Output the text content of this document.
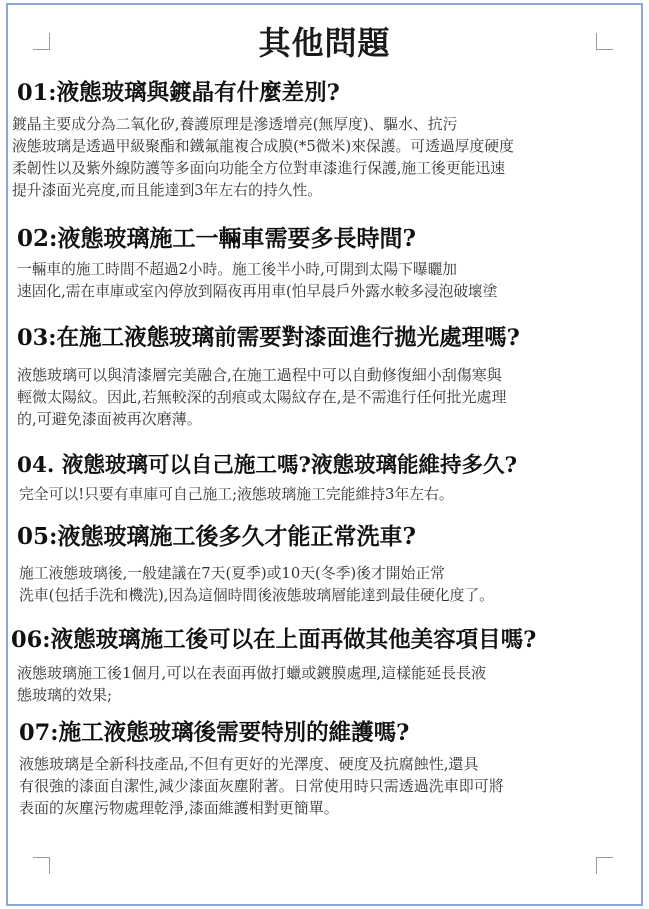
其他問題
01:液態玻璃與鍍晶有什麼差別?
鍍晶主要成分為二氧化矽,養護原理是滲透增亮(無厚度)、驅水、抗污
液態玻璃是透過甲級聚酯和鐵氟龍複合成膜(*5微米)來保護。可透過厚度硬度
柔韌性以及紫外線防護等多面向功能全方位對車漆進行保護,施工後更能迅速
提升漆面光亮度,而且能達到3年左右的持久性。
02:液態玻璃施工一輛車需要多長時間?
一輛車的施工時間不超過2小時。施工後半小時,可開到太陽下曝曬加
速固化,需在車庫或室內停放到隔夜再用車(怕早晨戶外露水較多浸泡破壞塗
03:在施工液態玻璃前需要對漆面進行拋光處理嗎?
液態玻璃可以與清漆層完美融合,在施工過程中可以自動修復細小刮傷寒與
輕微太陽紋。因此,若無較深的刮痕或太陽紋存在,是不需進行任何批光處理
的,可避免漆面被再次磨薄。
04. 液態玻璃可以自己施工嗎?液態玻璃能維持多久?
完全可以!只要有車庫可自己施工;液態玻璃施工完能維持3年左右。
05:液態玻璃施工後多久才能正常洗車?
施工液態玻璃後,一般建議在7天(夏季)或10天(冬季)後才開始正常
洗車(包括手洗和機洗),因為這個時間後液態玻璃層能達到最佳硬化度了。
06:液態玻璃施工後可以在上面再做其他美容項目嗎?
液態玻璃施工後1個月,可以在表面再做打蠟或鍍膜處理,這樣能延長長液
態玻璃的效果;
07:施工液態玻璃後需要特別的維護嗎?
液態玻璃是全新科技產品,不但有更好的光澤度、硬度及抗腐蝕性,還具
有很強的漆面自潔性,減少漆面灰塵附著。日常使用時只需透過洗車即可將
表面的灰塵污物處理乾淨,漆面維護相對更簡單。
